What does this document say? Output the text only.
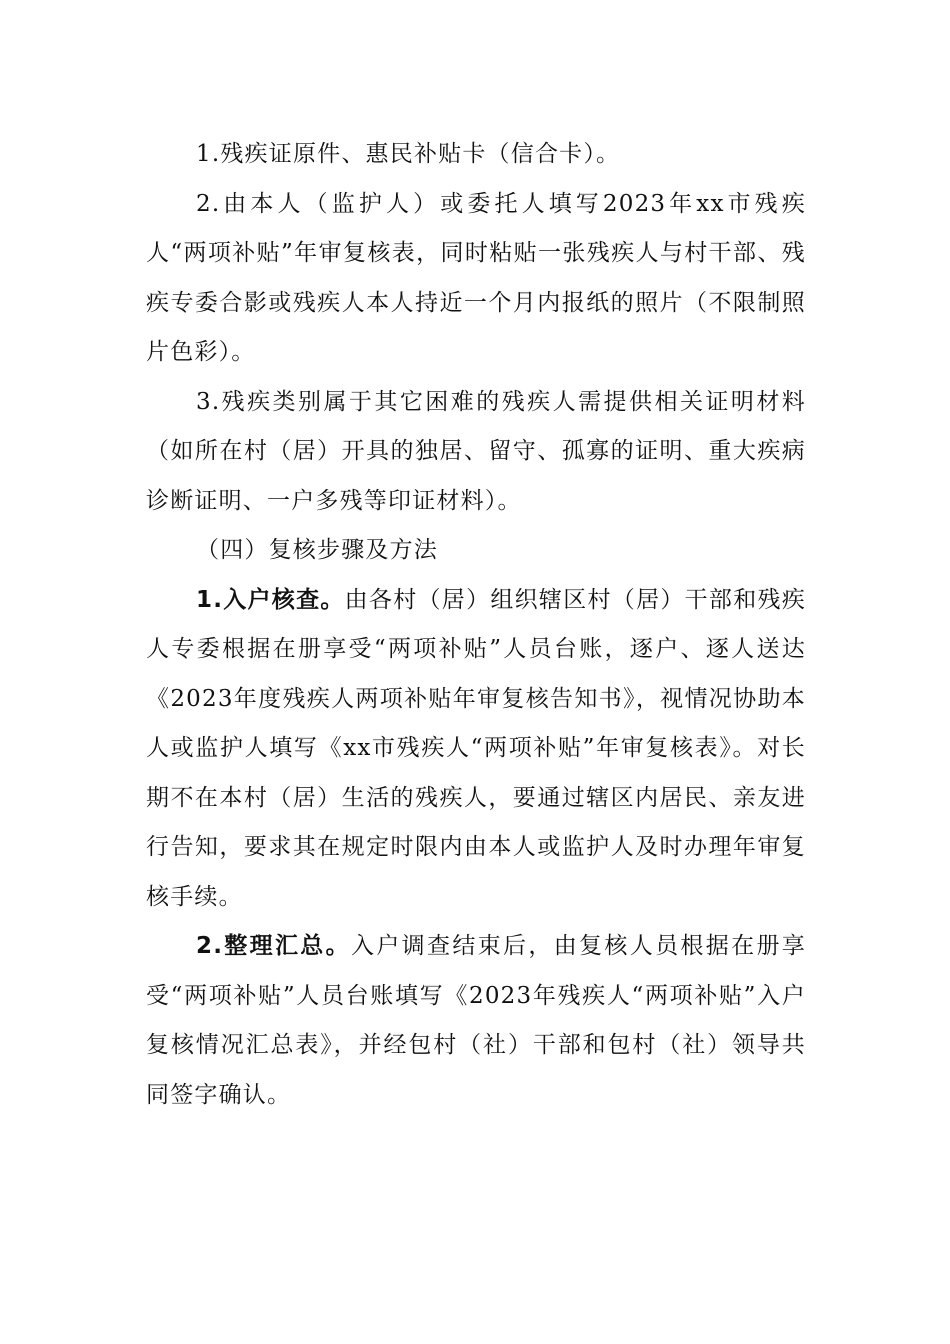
1.残疾证原件、惠民补贴卡（信合卡）。

2.由本人（监护人）或委托人填写2023年xx市残疾人“两项补贴”年审复核表，同时粘贴一张残疾人与村干部、残疾专委合影或残疾人本人持近一个月内报纸的照片（不限制照片色彩）。

3.残疾类别属于其它困难的残疾人需提供相关证明材料（如所在村（居）开具的独居、留守、孤寡的证明、重大疾病诊断证明、一户多残等印证材料）。

（四）复核步骤及方法

1.入户核查。由各村（居）组织辖区村（居）干部和残疾人专委根据在册享受“两项补贴”人员台账，逐户、逐人送达《2023年度残疾人两项补贴年审复核告知书》，视情况协助本人或监护人填写《xx市残疾人“两项补贴”年审复核表》。对长期不在本村（居）生活的残疾人，要通过辖区内居民、亲友进行告知，要求其在规定时限内由本人或监护人及时办理年审复核手续。

2.整理汇总。入户调查结束后，由复核人员根据在册享受“两项补贴”人员台账填写《2023年残疾人“两项补贴”入户复核情况汇总表》，并经包村（社）干部和包村（社）领导共同签字确认。
